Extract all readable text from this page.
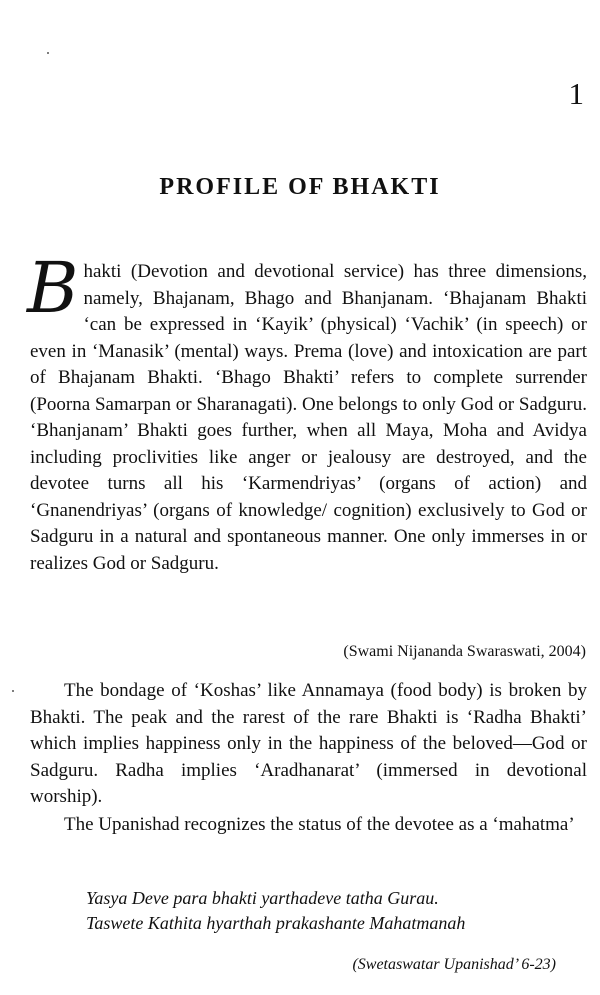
1
PROFILE OF BHAKTI
B hakti (Devotion and devotional service) has three dimensions, namely, Bhajanam, Bhago and Bhanjanam. ‘Bhajanam Bhakti ‘can be expressed in ‘Kayik’ (physical) ‘Vachik’ (in speech) or even in ‘Manasik’ (mental) ways. Prema (love) and intoxication are part of Bhajanam Bhakti. ‘Bhago Bhakti’ refers to complete surrender (Poorna Samarpan or Sharanagati). One belongs to only God or Sadguru. ‘Bhanjanam’ Bhakti goes further, when all Maya, Moha and Avidya including proclivities like anger or jealousy are destroyed, and the devotee turns all his ‘Karmendriyas’ (organs of action) and ‘Gnanendriyas’ (organs of knowledge/ cognition) exclusively to God or Sadguru in a natural and spontaneous manner. One only immerses in or realizes God or Sadguru.
(Swami Nijananda Swaraswati, 2004)
The bondage of ‘Koshas’ like Annamaya (food body) is broken by Bhakti. The peak and the rarest of the rare Bhakti is ‘Radha Bhakti’ which implies happiness only in the happiness of the beloved—God or Sadguru. Radha implies ‘Aradhanarat’ (immersed in devotional worship).
The Upanishad recognizes the status of the devotee as a ‘mahatma’
Yasya Deve para bhakti yarthadeve tatha Gurau.
Taswete Kathita hyarthah prakashante Mahatmanah
(Swetaswatar Upanishad’ 6-23)
